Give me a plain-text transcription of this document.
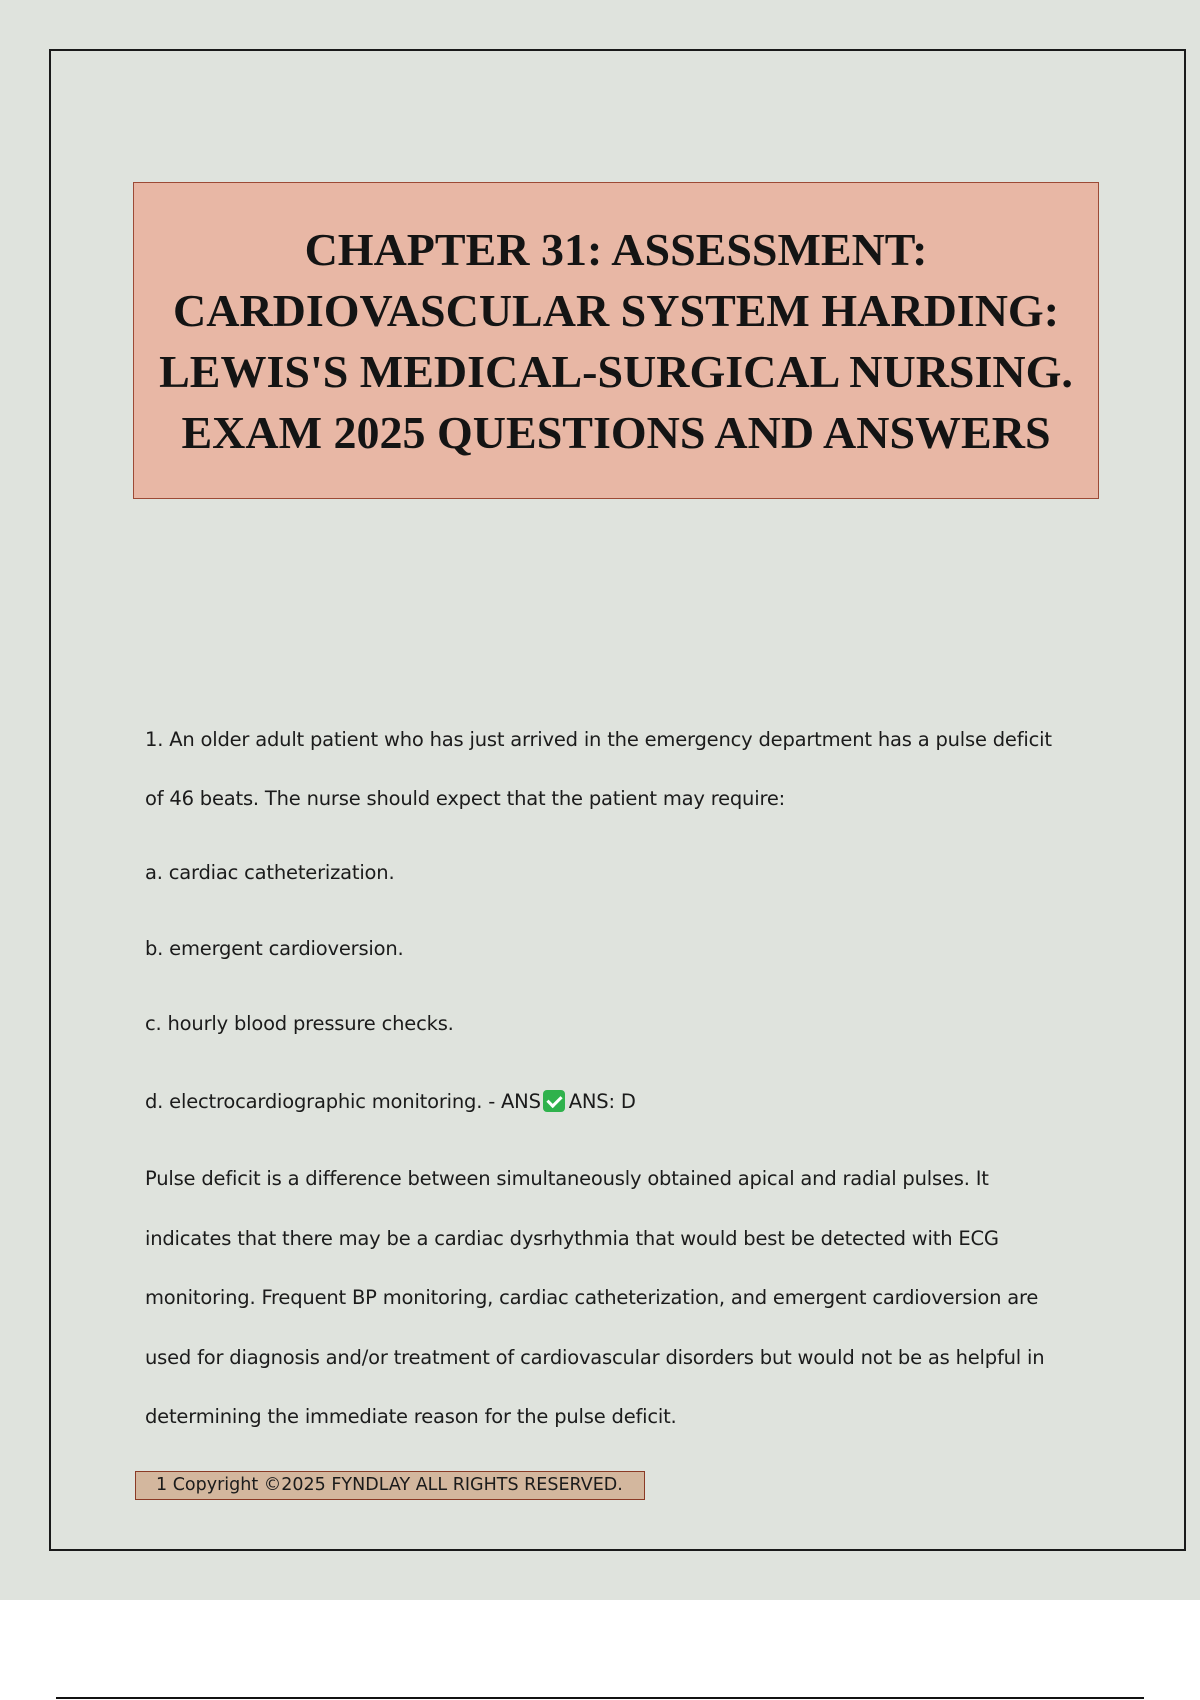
CHAPTER 31: ASSESSMENT: CARDIOVASCULAR SYSTEM HARDING: LEWIS'S MEDICAL-SURGICAL NURSING. EXAM 2025 QUESTIONS AND ANSWERS

1. An older adult patient who has just arrived in the emergency department has a pulse deficit

of 46 beats. The nurse should expect that the patient may require:

a. cardiac catheterization.

b. emergent cardioversion.

c. hourly blood pressure checks.

d. electrocardiographic monitoring. - ANS ANS: D

Pulse deficit is a difference between simultaneously obtained apical and radial pulses. It
indicates that there may be a cardiac dysrhythmia that would best be detected with ECG
monitoring. Frequent BP monitoring, cardiac catheterization, and emergent cardioversion are
used for diagnosis and/or treatment of cardiovascular disorders but would not be as helpful in
determining the immediate reason for the pulse deficit.
1 Copyright ©2025 FYNDLAY ALL RIGHTS RESERVED.
